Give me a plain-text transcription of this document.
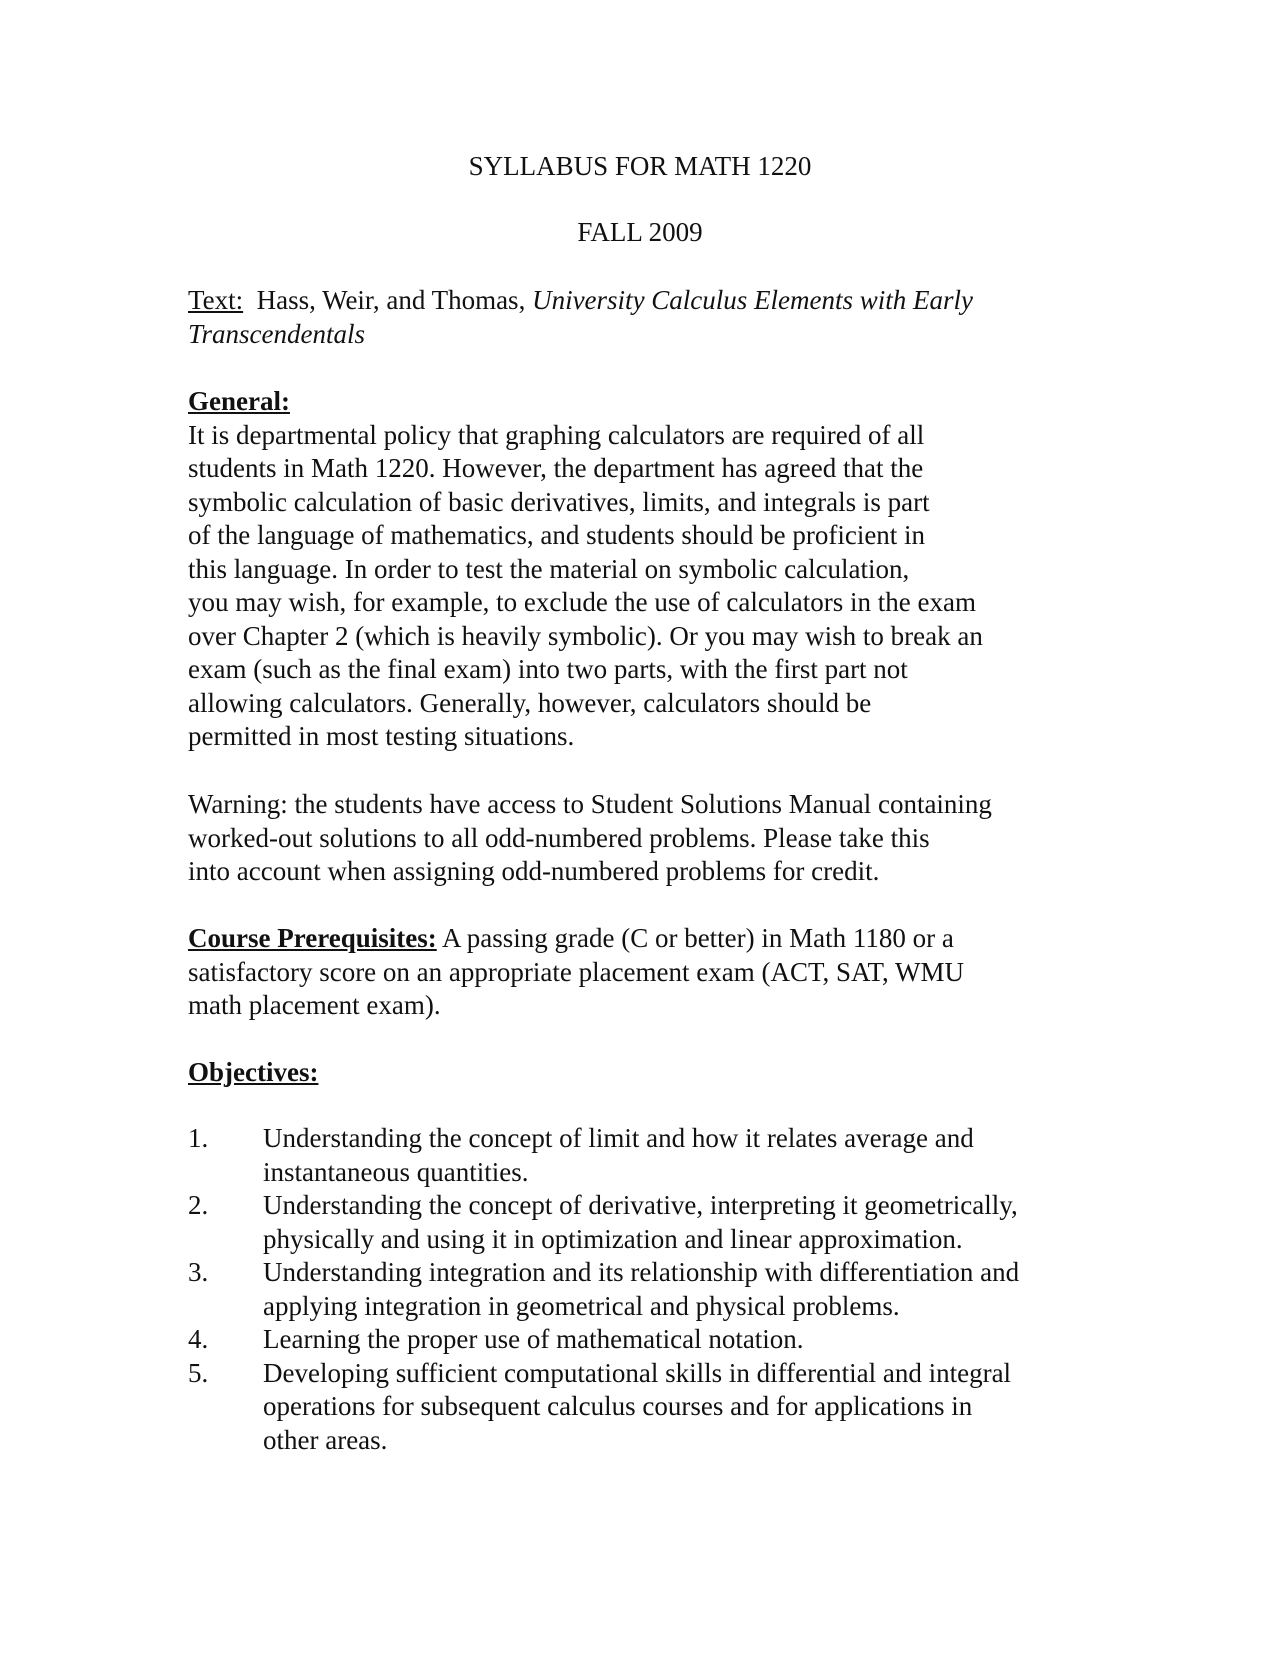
SYLLABUS FOR MATH 1220
FALL 2009
Text: Hass, Weir, and Thomas, University Calculus Elements with Early
Transcendentals
General:
It is departmental policy that graphing calculators are required of all
students in Math 1220. However, the department has agreed that the
symbolic calculation of basic derivatives, limits, and integrals is part
of the language of mathematics, and students should be proficient in
this language. In order to test the material on symbolic calculation,
you may wish, for example, to exclude the use of calculators in the exam
over Chapter 2 (which is heavily symbolic). Or you may wish to break an
exam (such as the final exam) into two parts, with the first part not
allowing calculators. Generally, however, calculators should be
permitted in most testing situations.
Warning: the students have access to Student Solutions Manual containing
worked-out solutions to all odd-numbered problems. Please take this
into account when assigning odd-numbered problems for credit.
Course Prerequisites: A passing grade (C or better) in Math 1180 or a
satisfactory score on an appropriate placement exam (ACT, SAT, WMU
math placement exam).
Objectives:
1. Understanding the concept of limit and how it relates average and
instantaneous quantities.
2. Understanding the concept of derivative, interpreting it geometrically,
physically and using it in optimization and linear approximation.
3. Understanding integration and its relationship with differentiation and
applying integration in geometrical and physical problems.
4. Learning the proper use of mathematical notation.
5. Developing sufficient computational skills in differential and integral
operations for subsequent calculus courses and for applications in
other areas.
